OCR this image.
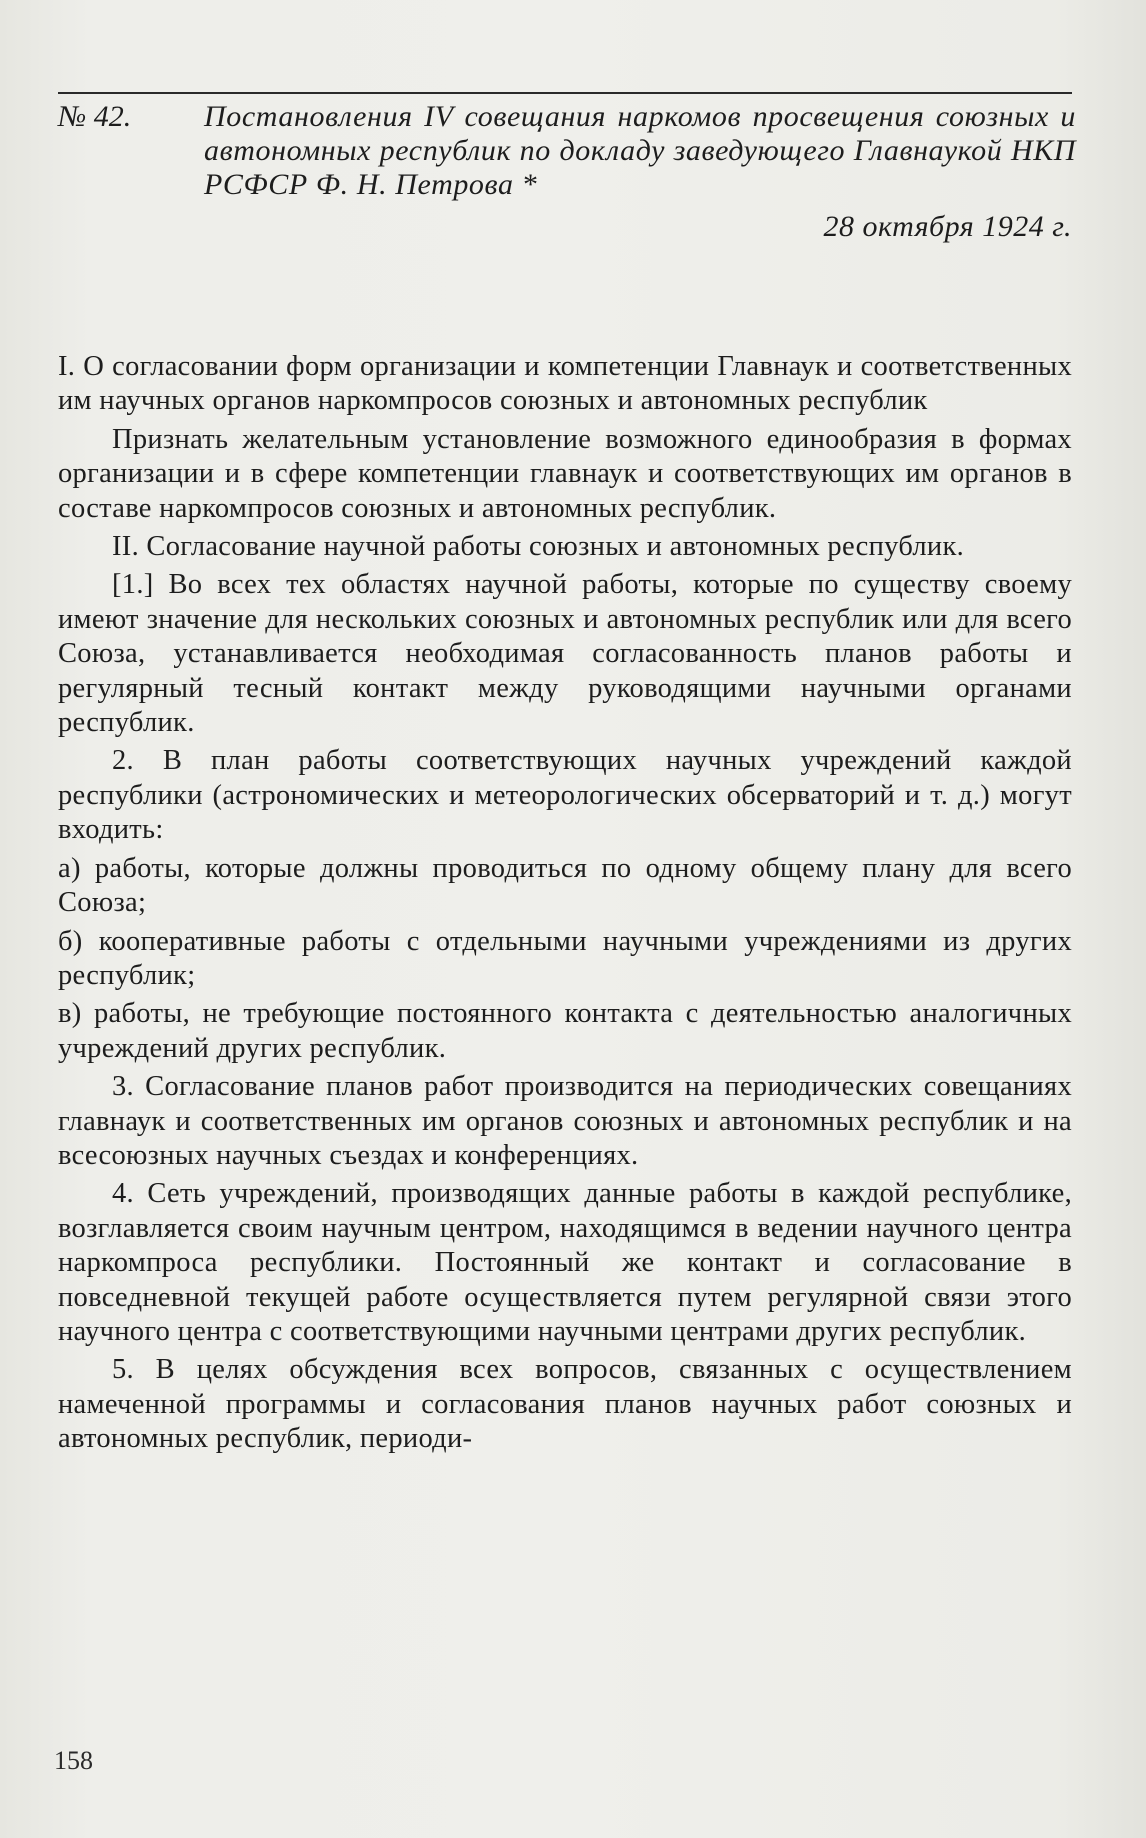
№ 42.	Постановления IV совещания наркомов просвещения союзных и автономных республик по докладу заведующего Главнаукой НКП РСФСР Ф. Н. Петрова *
28 октября 1924 г.

I. О согласовании форм организации и компетенции Главнаук и соответственных им научных органов наркомпросов союзных и автономных республик

Признать желательным установление возможного единообразия в формах организации и в сфере компетенции главнаук и соответствующих им органов в составе наркомпросов союзных и автономных республик.

II. Согласование научной работы союзных и автономных республик.

[1.] Во всех тех областях научной работы, которые по существу своему имеют значение для нескольких союзных и автономных республик или для всего Союза, устанавливается необходимая согласованность планов работы и регулярный тесный контакт между руководящими научными органами республик.

2. В план работы соответствующих научных учреждений каждой республики (астрономических и метеорологических обсерваторий и т. д.) могут входить:

а) работы, которые должны проводиться по одному общему плану для всего Союза;

б) кооперативные работы с отдельными научными учреждениями из других республик;

в) работы, не требующие постоянного контакта с деятельностью аналогичных учреждений других республик.

3. Согласование планов работ производится на периодических совещаниях главнаук и соответственных им органов союзных и автономных республик и на всесоюзных научных съездах и конференциях.

4. Сеть учреждений, производящих данные работы в каждой республике, возглавляется своим научным центром, находящимся в ведении научного центра наркомпроса республики. Постоянный же контакт и согласование в повседневной текущей работе осуществляется путем регулярной связи этого научного центра с соответствующими научными центрами других республик.

5. В целях обсуждения всех вопросов, связанных с осуществлением намеченной программы и согласования планов научных работ союзных и автономных республик, периоди-

158
